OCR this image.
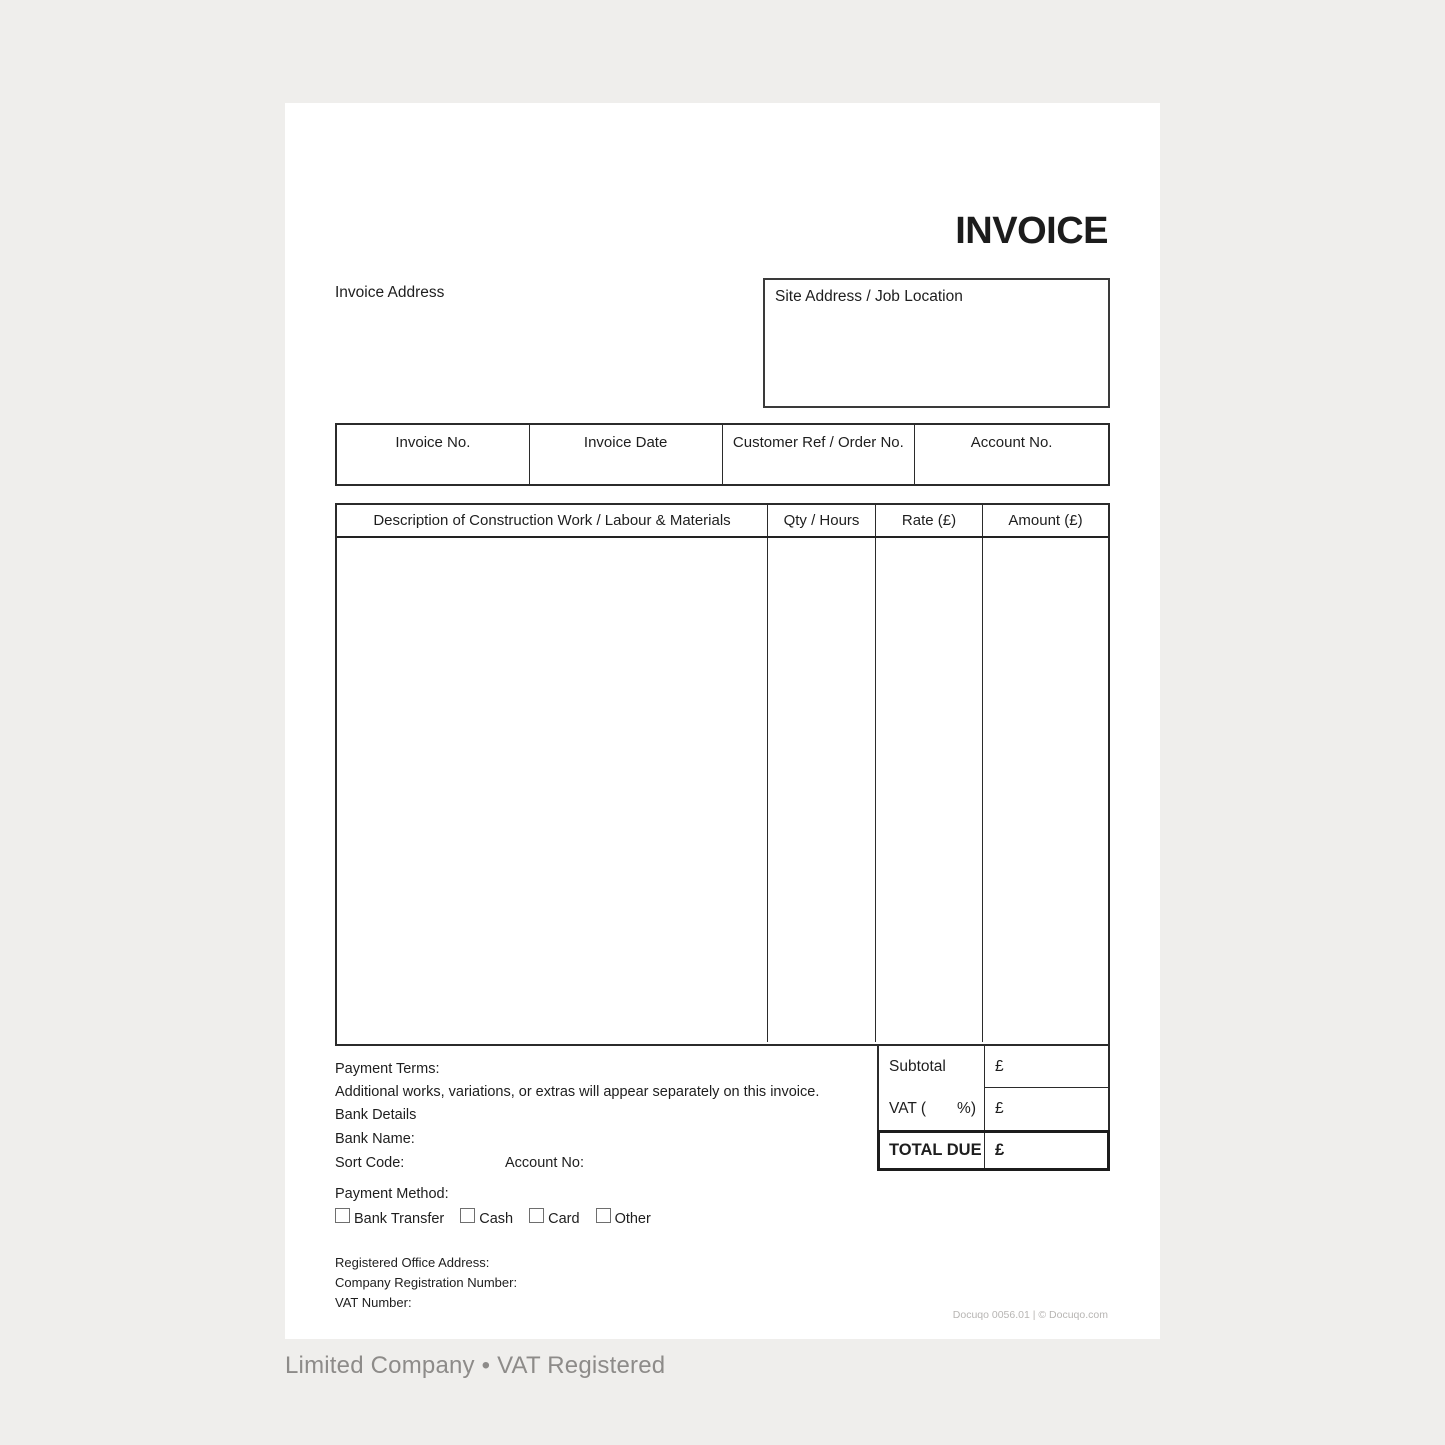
INVOICE
Invoice Address	Site Address / Job Location
Invoice No.	Invoice Date	Customer Ref / Order No.	Account No.
Description of Construction Work / Labour & Materials	Qty / Hours	Rate (£)	Amount (£)
Subtotal	£
VAT ( %) £
TOTAL DUE £
Payment Terms:
Additional works, variations, or extras will appear separately on this invoice.
Bank Details
Bank Name:
Sort Code:	Account No:
Payment Method:
Bank Transfer Cash Card Other
Registered Office Address:
Company Registration Number:
VAT Number:
Docuqo 0056.01 | © Docuqo.com
Limited Company • VAT Registered
